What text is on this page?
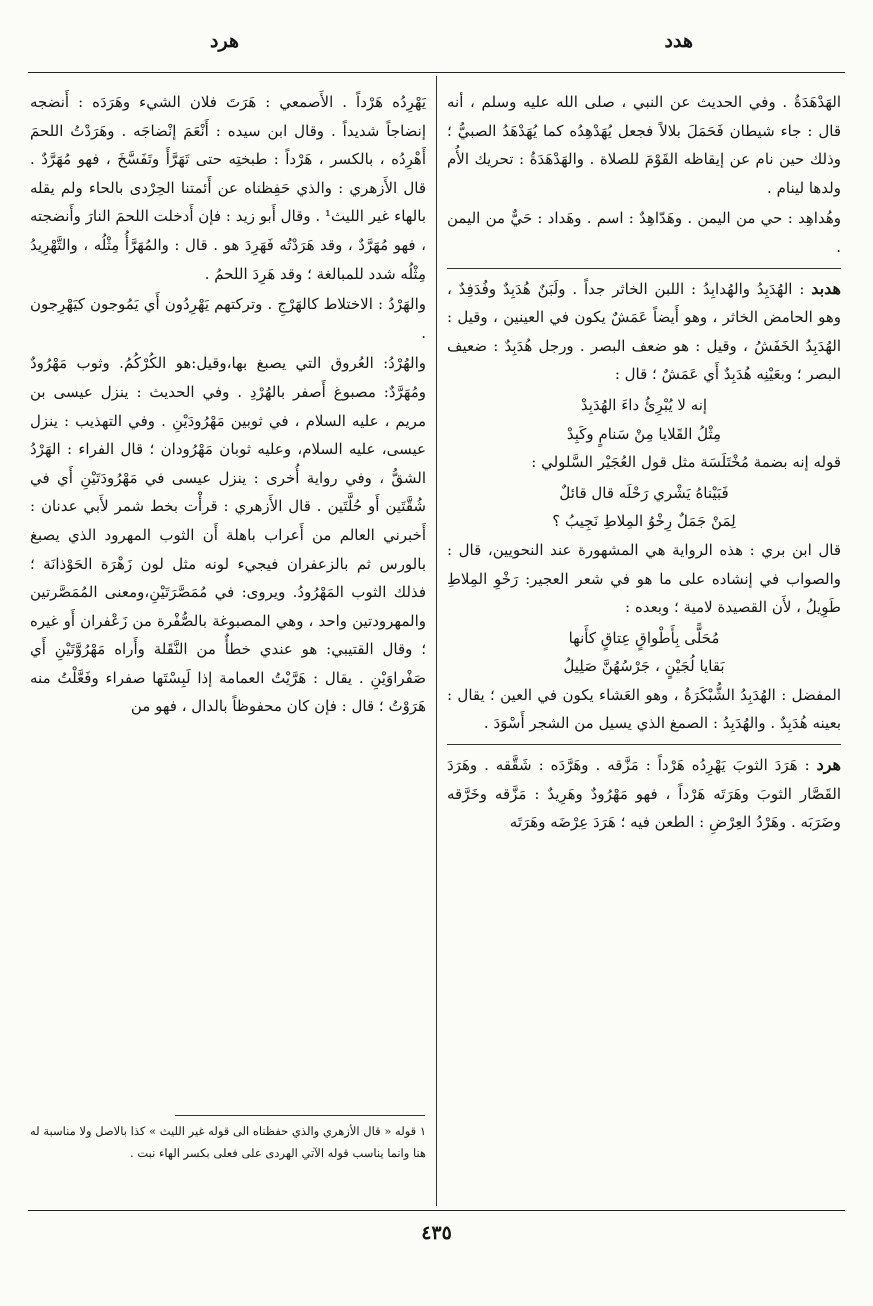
هدد
هرد

الهَدْهَدَةُ . وفي الحديث عن النبي ، صلى الله عليه وسلم ، أنه قال : جاء شيطان فَحَمَلَ بلالاً فجعل يُهَدْهِدُه كما يُهَدْهَدُ الصبيُّ ؛ وذلك حين نام عن إيقاظه القَوْمَ للصلاة . والهَدْهَدَةُ : تحريك الأُم ولدها لينام .

وهُداهِد : حي من اليمن . وهَدّاهِدٌ : اسم . وهَداد : حَيٌّ من اليمن .

هدبد : الهُدَبِدُ والهُدابِدُ : اللبن الخاثر جداً . ولَبَنٌ هُدَبِدٌ وفُدَفِدٌ ، وهو الحامض الخاثر ، وهو أَيضاً عَمَشٌ يكون في العينين ، وقيل : الهُدَبِدُ الخَفَشُ ، وقيل : هو ضعف البصر . ورجل هُدَبِدٌ : ضعيف البصر ؛ وبعَيْنِه هُدَبِدٌ أَي عَمَشٌ ؛ قال :

إنه لا يُبْرِئُ داءَ الهُدَبِدْ

مِثْلُ القَلايا مِنْ سَنامٍ وكَبِدْ

قوله إنه بضمة مُخْتَلَسَة مثل قول العُجَيْر السَّلولي :

فَبَيْناهُ يَشْري رَحْلَه قال قائلٌ

لِمَنْ جَمَلٌ رِخْوُ المِلاطِ نَجِيبُ ؟

قال ابن بري : هذه الرواية هي المشهورة عند النحويين، قال : والصواب في إنشاده على ما هو في شعر العجير: رَخْوِ المِلاطِ طَوِيلُ ، لأَن القصيدة لامية ؛ وبعده :

مُحَلًّى بِأَطْواقٍ عِتاقٍ كأَنها

بَقايا لُجَيْنٍ ، جَرْسُهُنَّ صَلِيلُ

المفضل : الهُدَبِدُ الشُّبْكَرَةُ ، وهو العَشاء يكون في العين ؛ يقال : بعينه هُدَبِدٌ . والهُدَبِدُ : الصمغ الذي يسيل من الشجر أَسْوَدَ .

هرد : هَرَدَ الثوبَ يَهْرِدُه هَرْداً : مَزَّقه . وهَرَّدَه : شَقَّقه . وهَرَدَ القَصَّار الثوبَ وهَرَتَه هَرْداً ، فهو مَهْرُودٌ وهَرِيدٌ : مَزَّقه وخَرَّقه وضَرَبَه . وهَرْدُ العِرْضِ : الطعن فيه ؛ هَرَدَ عِرْضَه وهَرَتَه

يَهْرِدُه هَرْداً . الأَصمعي : هَرَتَ فلان الشيء وهَرَدَه : أَنضجه إنضاجاً شديداً . وقال ابن سيده : أَنْعَمَ إنْضاجَه . وهَرَدْتُ اللحمَ أَهْرِدُه ، بالكسر ، هَرْداً : طبختِه حتى تَهَرَّأَ وتَفَسَّخَ ، فهو مُهَرَّدٌ . قال الأَزهري : والذي حَفِظناه عن أَئمتنا الحِرْدى بالحاء ولم يقله بالهاء غير الليث¹ . وقال أَبو زيد : فإن أَدخلت اللحمَ النارَ وأَنضجته ، فهو مُهَرَّدٌ ، وقد هَرَدْتُه فَهَرِدَ هو . قال : والمُهَرَّأُ مِثْلُه ، والتَّهْرِيدُ مِثْلُه شدد للمبالغة ؛ وقد هَرِدَ اللحمُ .

والهَرْدُ : الاختلاط كالهَرْجِ . وتركتهم يَهْرِدُون أَي يَمُوجون كيَهْرِجون .

والهُرْدُ: العُروق التي يصبغ بها،وقيل:هو الكُرْكُمُ. وثوب مَهْرُودٌ ومُهَرَّدٌ: مصبوغ أَصفر بالهُرْدِ . وفي الحديث : ينزل عيسى بن مريم ، عليه السلام ، في ثوبين مَهْرُودَيْنِ . وفي التهذيب : ينزل عيسى، عليه السلام، وعليه ثوبان مَهْرُودان ؛ قال الفراء : الهَرْدُ الشقُّ ، وفي رواية أُخرى : ينزل عيسى في مَهْرُودَتَيْنِ أَي في شُقَّتَين أَو حُلَّتَين . قال الأَزهري : قرأْت بخط شمر لأَبي عدنان : أَخبرني العالم من أَعراب باهلة أَن الثوب المهرود الذي يصبغ بالورس ثم بالزعفران فيجيء لونه مثل لون زَهْرَة الحَوْذانَة ؛ فذلك الثوب المَهْرُودُ. ويروى: في مُمَصَّرَتَيْنِ،ومعنى المُمَصَّرتين والمهرودتين واحد ، وهي المصبوغة بالصُّفْرة من زَعْفران أَو غيره ؛ وقال القتيبي: هو عندي خطأٌ من النَّقَلة وأَراه مَهْرُوَّتَيْنِ أَي صَفْراوَيْنِ . يقال : هَرَّيْتُ العمامة إذا لَبِسْتَها صفراء وفَعَّلْتُ منه هَرَوْتُ ؛ قال : فإن كان محفوظاً بالدال ، فهو من

١ قوله « قال الأزهري والذي حفظناه الى قوله غير الليث » كذا بالاصل ولا مناسبة له هنا وانما يناسب قوله الآتي الهردى على فعلى بكسر الهاء نبت .
٤٣٥
